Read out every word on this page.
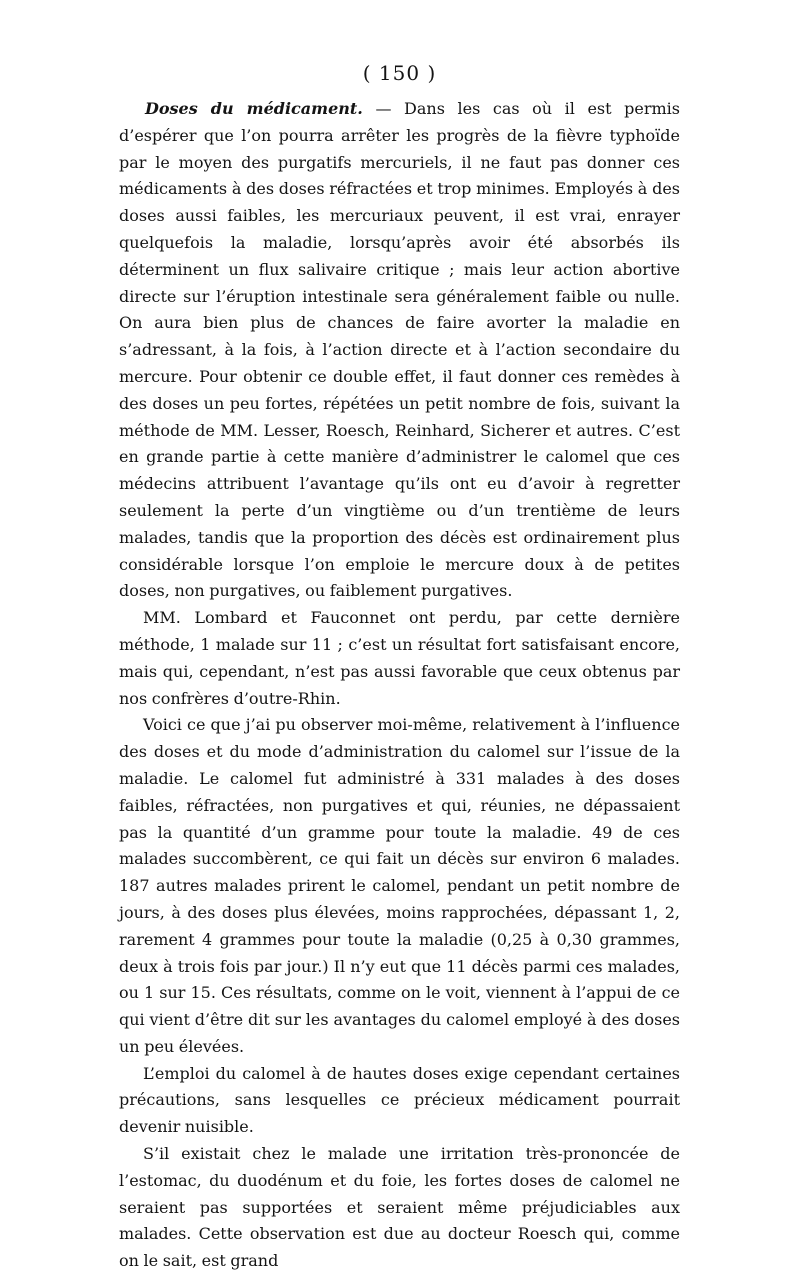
( 150 )

Doses du médicament. — Dans les cas où il est permis d’espérer que l’on pourra arrêter les progrès de la fièvre typhoïde par le moyen des purgatifs mercuriels, il ne faut pas donner ces médicaments à des doses réfractées et trop minimes. Employés à des doses aussi faibles, les mercuriaux peuvent, il est vrai, enrayer quelquefois la maladie, lorsqu’après avoir été absorbés ils déterminent un flux salivaire critique ; mais leur action abortive directe sur l’éruption intestinale sera généralement faible ou nulle. On aura bien plus de chances de faire avorter la maladie en s’adressant, à la fois, à l’action directe et à l’action secondaire du mercure. Pour obtenir ce double effet, il faut donner ces remèdes à des doses un peu fortes, répétées un petit nombre de fois, suivant la méthode de MM. Lesser, Roesch, Reinhard, Sicherer et autres. C’est en grande partie à cette manière d’administrer le calomel que ces médecins attribuent l’avantage qu’ils ont eu d’avoir à regretter seulement la perte d’un vingtième ou d’un trentième de leurs malades, tandis que la proportion des décès est ordinairement plus considérable lorsque l’on emploie le mercure doux à de petites doses, non purgatives, ou faiblement purgatives.

MM. Lombard et Fauconnet ont perdu, par cette dernière méthode, 1 malade sur 11 ; c’est un résultat fort satisfaisant encore, mais qui, cependant, n’est pas aussi favorable que ceux obtenus par nos confrères d’outre-Rhin.

Voici ce que j’ai pu observer moi-même, relativement à l’influence des doses et du mode d’administration du calomel sur l’issue de la maladie. Le calomel fut administré à 331 malades à des doses faibles, réfractées, non purgatives et qui, réunies, ne dépassaient pas la quantité d’un gramme pour toute la maladie. 49 de ces malades succombèrent, ce qui fait un décès sur environ 6 malades. 187 autres malades prirent le calomel, pendant un petit nombre de jours, à des doses plus élevées, moins rapprochées, dépassant 1, 2, rarement 4 grammes pour toute la maladie (0,25 à 0,30 grammes, deux à trois fois par jour.) Il n’y eut que 11 décès parmi ces malades, ou 1 sur 15. Ces résultats, comme on le voit, viennent à l’appui de ce qui vient d’être dit sur les avantages du calomel employé à des doses un peu élevées.

L’emploi du calomel à de hautes doses exige cependant certaines précautions, sans lesquelles ce précieux médicament pourrait devenir nuisible.

S’il existait chez le malade une irritation très-prononcée de l’estomac, du duodénum et du foie, les fortes doses de calomel ne seraient pas supportées et seraient même préjudiciables aux malades. Cette observation est due au docteur Roesch qui, comme on le sait, est grand
